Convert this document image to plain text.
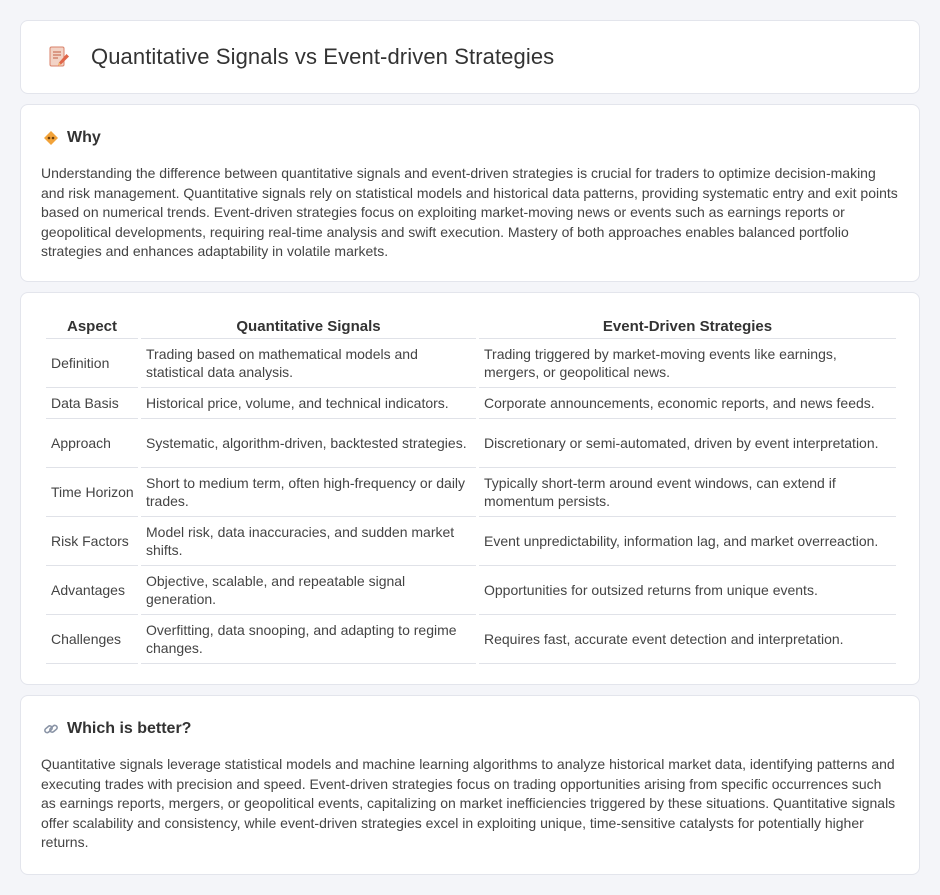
Quantitative Signals vs Event-driven Strategies
Why

Understanding the difference between quantitative signals and event-driven strategies is crucial for traders to optimize decision-making and risk management. Quantitative signals rely on statistical models and historical data patterns, providing systematic entry and exit points based on numerical trends. Event-driven strategies focus on exploiting market-moving news or events such as earnings reports or geopolitical developments, requiring real-time analysis and swift execution. Mastery of both approaches enables balanced portfolio strategies and enhances adaptability in volatile markets.

Aspect	Quantitative Signals	Event-Driven Strategies
Definition	Trading based on mathematical models and statistical data analysis.	Trading triggered by market-moving events like earnings, mergers, or geopolitical news.
Data Basis	Historical price, volume, and technical indicators.	Corporate announcements, economic reports, and news feeds.
Approach	Systematic, algorithm-driven, backtested strategies.	Discretionary or semi-automated, driven by event interpretation.
Time Horizon	Short to medium term, often high-frequency or daily trades.	Typically short-term around event windows, can extend if momentum persists.
Risk Factors	Model risk, data inaccuracies, and sudden market shifts.	Event unpredictability, information lag, and market overreaction.
Advantages	Objective, scalable, and repeatable signal generation.	Opportunities for outsized returns from unique events.
Challenges	Overfitting, data snooping, and adapting to regime changes.	Requires fast, accurate event detection and interpretation.
Which is better?

Quantitative signals leverage statistical models and machine learning algorithms to analyze historical market data, identifying patterns and executing trades with precision and speed. Event-driven strategies focus on trading opportunities arising from specific occurrences such as earnings reports, mergers, or geopolitical events, capitalizing on market inefficiencies triggered by these situations. Quantitative signals offer scalability and consistency, while event-driven strategies excel in exploiting unique, time-sensitive catalysts for potentially higher returns.
